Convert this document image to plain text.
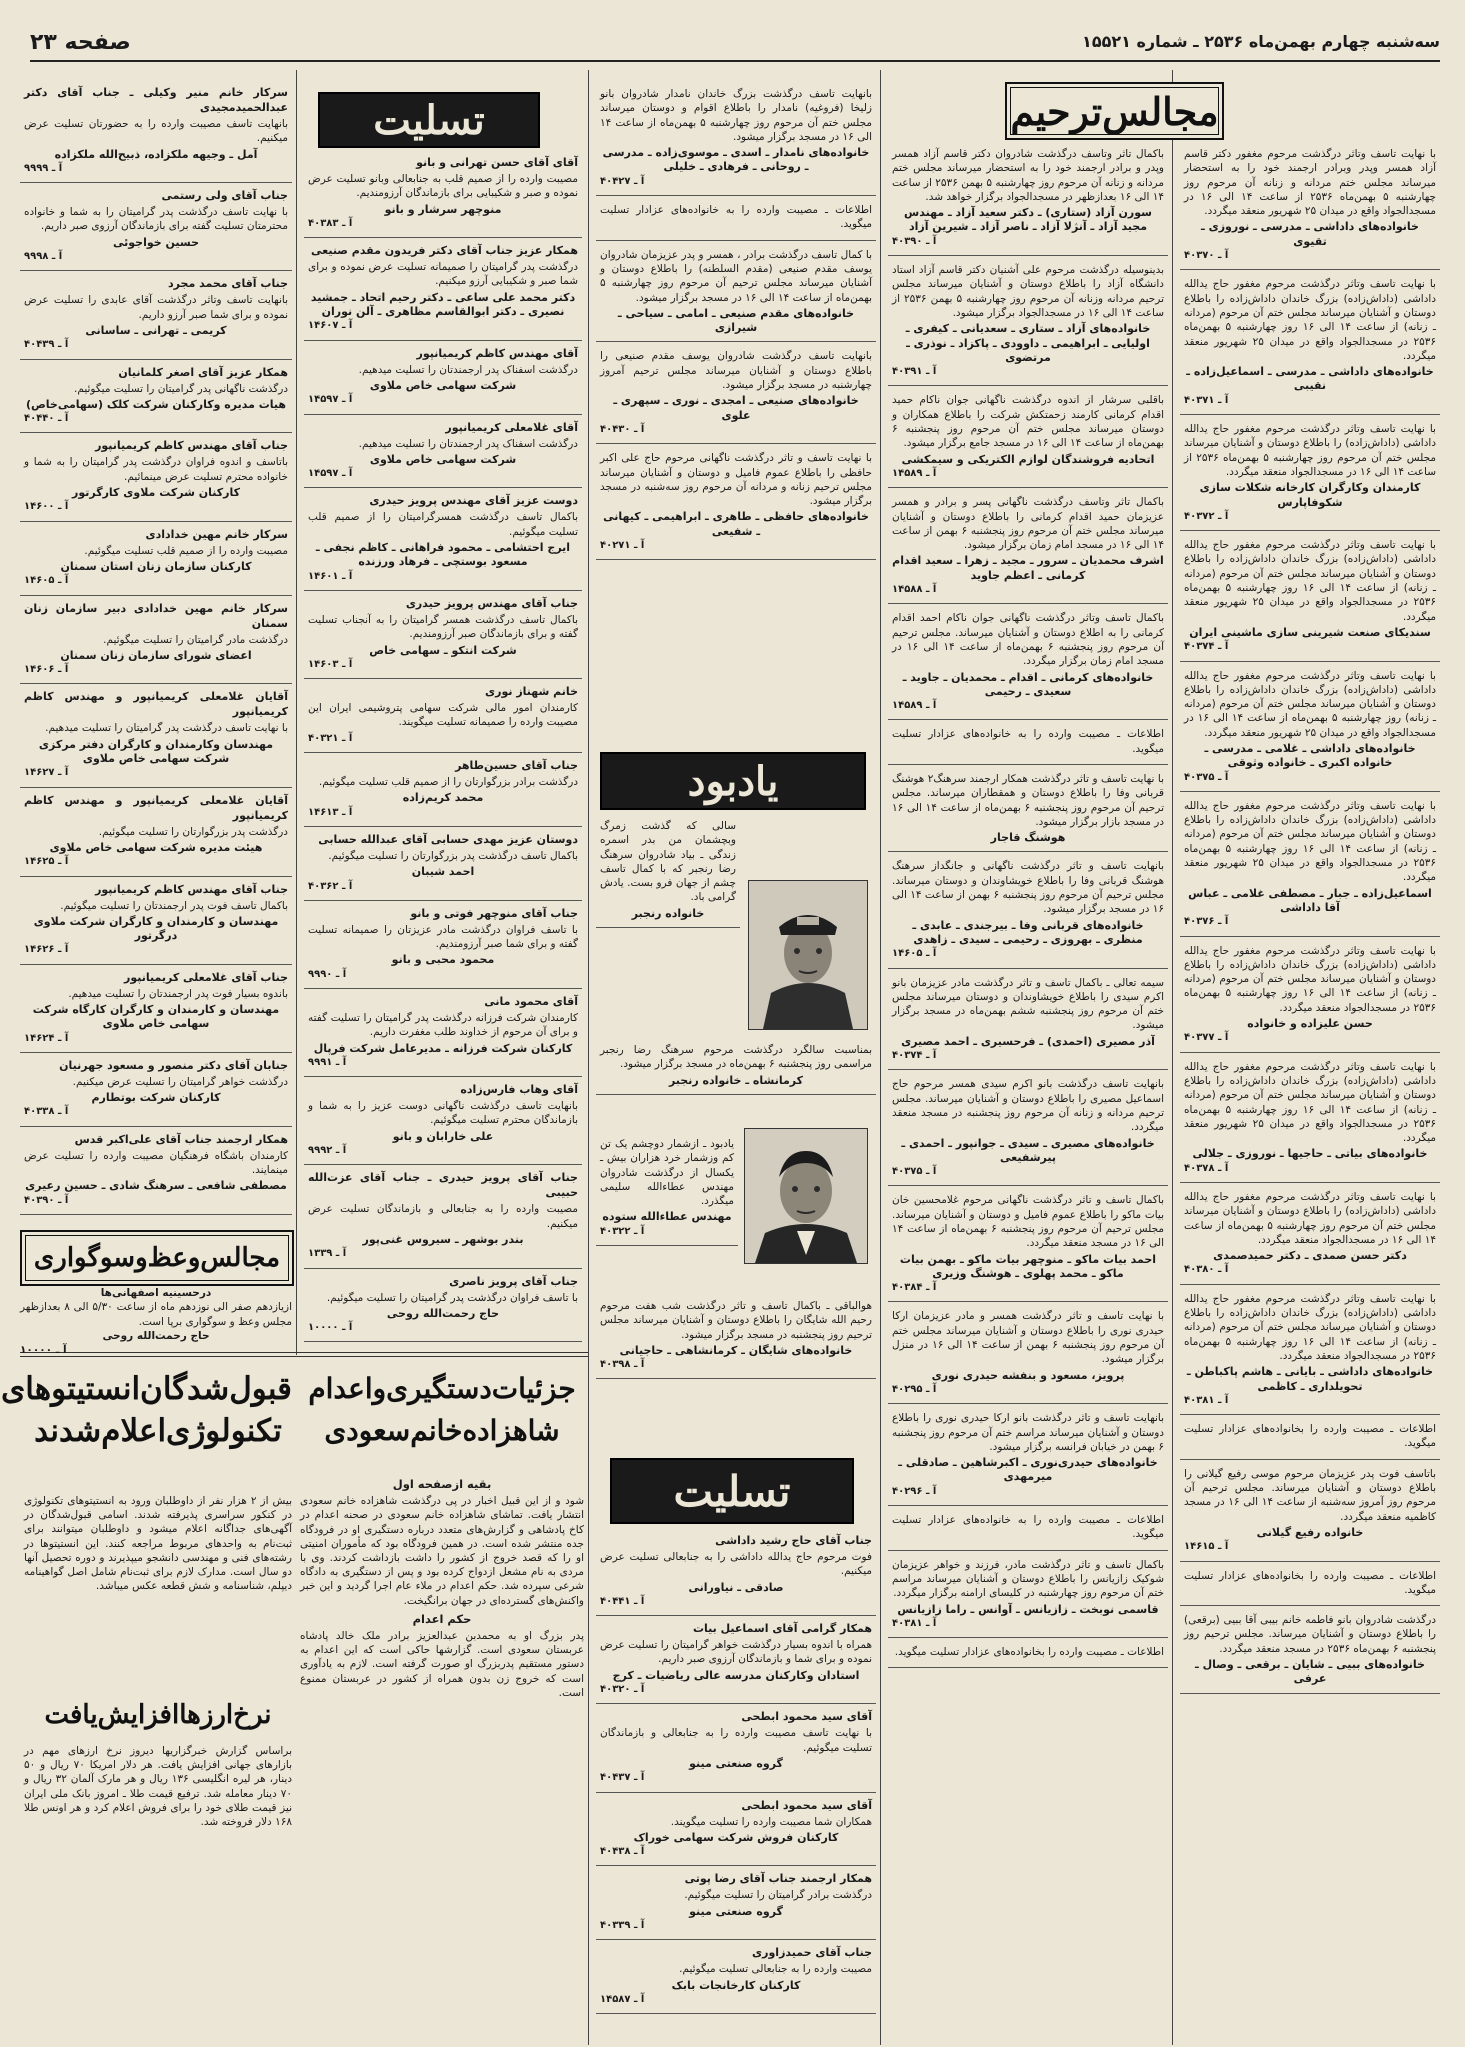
سه‌شنبه چهارم بهمن‌ماه ۲۵۳۶ ـ شماره ۱۵۵۲۱
صفحه ۲۳
مجالس‌ترحیم
تسلیت
یادبود
تسلیت
مجالس‌وعظ‌وسوگواری
با نهایت تاسف وتاثر درگذشت مرحوم مغفور دکتر قاسم آزاد همسر وپدر وبرادر ارجمند خود را به استحضار میرساند مجلس ختم مردانه و زنانه آن مرحوم روز چهارشنبه ۵ بهمن‌ماه ۲۵۳۶ از ساعت ۱۴ الی ۱۶ در مسجدالجواد واقع در میدان ۲۵ شهریور منعقد میگردد.
خانواده‌های داداشی ـ مدرسی ـ نوروزی ـ تقیوی
آ ـ ۴۰۳۷۰
با نهایت تاسف وتاثر درگذشت مرحوم مغفور حاج یدالله داداشی (داداش‌زاده) بزرگ خاندان داداش‌زاده را باطلاع دوستان و آشنایان میرساند مجلس ختم آن مرحوم (مردانه ـ زنانه) از ساعت ۱۴ الی ۱۶ روز چهارشنبه ۵ بهمن‌ماه ۲۵۳۶ در مسجدالجواد واقع در میدان ۲۵ شهریور منعقد میگردد.
خانواده‌های داداشی ـ مدرسی ـ اسماعیل‌زاده ـ نقیبی
آ ـ ۴۰۳۷۱
با نهایت تاسف وتاثر درگذشت مرحوم مغفور حاج یدالله داداشی (داداش‌زاده) را باطلاع دوستان و آشنایان میرساند مجلس ختم آن مرحوم روز چهارشنبه ۵ بهمن‌ماه ۲۵۳۶ از ساعت ۱۴ الی ۱۶ در مسجدالجواد منعقد میگردد.
کارمندان وکارگران کارخانه شکلات سازی شکوفاپارس
آ ـ ۴۰۳۷۲
با نهایت تاسف وتاثر درگذشت مرحوم مغفور حاج یدالله داداشی (داداش‌زاده) بزرگ خاندان داداش‌زاده را باطلاع دوستان و آشنایان میرساند مجلس ختم آن مرحوم (مردانه ـ زنانه) از ساعت ۱۴ الی ۱۶ روز چهارشنبه ۵ بهمن‌ماه ۲۵۳۶ در مسجدالجواد واقع در میدان ۲۵ شهریور منعقد میگردد.
سندیکای صنعت شیرینی سازی ماشینی ایران
آ ـ ۴۰۳۷۴
با نهایت تاسف وتاثر درگذشت مرحوم مغفور حاج یدالله داداشی (داداش‌زاده) بزرگ خاندان داداش‌زاده را باطلاع دوستان و آشنایان میرساند مجلس ختم آن مرحوم (مردانه ـ زنانه) روز چهارشنبه ۵ بهمن‌ماه از ساعت ۱۴ الی ۱۶ در مسجدالجواد واقع در میدان ۲۵ شهریور منعقد میگردد.
خانواده‌های داداشی ـ غلامی ـ مدرسی ـ خانواده اکبری ـ خانواده وثوقی
آ ـ ۴۰۳۷۵
با نهایت تاسف وتاثر درگذشت مرحوم مغفور حاج یدالله داداشی (داداش‌زاده) بزرگ خاندان داداش‌زاده را باطلاع دوستان و آشنایان میرساند مجلس ختم آن مرحوم (مردانه ـ زنانه) از ساعت ۱۴ الی ۱۶ روز چهارشنبه ۵ بهمن‌ماه ۲۵۳۶ در مسجدالجواد واقع در میدان ۲۵ شهریور منعقد میگردد.
اسماعیل‌زاده ـ جبار ـ مصطفی غلامی ـ عباس آقا داداشی
آ ـ ۴۰۳۷۶
با نهایت تاسف وتاثر درگذشت مرحوم مغفور حاج یدالله داداشی (داداش‌زاده) بزرگ خاندان داداش‌زاده را باطلاع دوستان و آشنایان میرساند مجلس ختم آن مرحوم (مردانه ـ زنانه) از ساعت ۱۴ الی ۱۶ روز چهارشنبه ۵ بهمن‌ماه ۲۵۳۶ در مسجدالجواد منعقد میگردد.
حسن علیزاده و خانواده
آ ـ ۴۰۳۷۷
با نهایت تاسف وتاثر درگذشت مرحوم مغفور حاج یدالله داداشی (داداش‌زاده) بزرگ خاندان داداش‌زاده را باطلاع دوستان و آشنایان میرساند مجلس ختم آن مرحوم (مردانه ـ زنانه) از ساعت ۱۴ الی ۱۶ روز چهارشنبه ۵ بهمن‌ماه ۲۵۳۶ در مسجدالجواد واقع در میدان ۲۵ شهریور منعقد میگردد.
خانواده‌های بیاتی ـ حاجیها ـ نوروزی ـ جلالی
آ ـ ۴۰۳۷۸
با نهایت تاسف وتاثر درگذشت مرحوم مغفور حاج یدالله داداشی (داداش‌زاده) را باطلاع دوستان و آشنایان میرساند مجلس ختم آن مرحوم روز چهارشنبه ۵ بهمن‌ماه از ساعت ۱۴ الی ۱۶ در مسجدالجواد منعقد میگردد.
دکتر حسن صمدی ـ دکتر حمیدصمدی
آ ـ ۴۰۳۸۰
با نهایت تاسف وتاثر درگذشت مرحوم مغفور حاج یدالله داداشی (داداش‌زاده) بزرگ خاندان داداش‌زاده را باطلاع دوستان و آشنایان میرساند مجلس ختم آن مرحوم (مردانه ـ زنانه) از ساعت ۱۴ الی ۱۶ روز چهارشنبه ۵ بهمن‌ماه ۲۵۳۶ در مسجدالجواد منعقد میگردد.
خانواده‌های داداشی ـ بایانی ـ هاشم پاکباطن ـ تحویلداری ـ کاظمی
آ ـ ۴۰۳۸۱
اطلاعات ـ مصیبت وارده را بخانواده‌های عزادار تسلیت میگوید.
باتاسف فوت پدر عزیزمان مرحوم موسی رفیع گیلانی را باطلاع دوستان و آشنایان میرساند. مجلس ترحیم آن مرحوم روز آمروز سه‌شنبه از ساعت ۱۴ الی ۱۶ در مسجد کاظمیه منعقد میگردد.
خانواده رفیع گیلانی
آ ـ ۱۴۶۱۵
اطلاعات ـ مصیبت وارده را بخانواده‌های عزادار تسلیت میگوید.
درگذشت شادروان بانو فاطمه خانم بیبی آقا ببیی (برقعی) را باطلاع دوستان و آشنایان میرساند. مجلس ترحیم روز پنجشنبه ۶ بهمن‌ماه ۲۵۳۶ در مسجد منعقد میگردد.
خانواده‌های ببیی ـ شایان ـ برقعی ـ وصال ـ عرفی
باکمال تاثر وتاسف درگذشت شادروان دکتر قاسم آزاد همسر وپدر و برادر ارجمند خود را به استحضار میرساند مجلس ختم مردانه و زنانه آن مرحوم روز چهارشنبه ۵ بهمن ۲۵۳۶ از ساعت ۱۴ الی ۱۶ بعدازظهر در مسجدالجواد برگزار خواهد شد.
سورن آزاد (ستاری) ـ دکتر سعید آزاد ـ مهندس مجید آزاد ـ آنژلا آزاد ـ ناصر آزاد ـ شیرین آزاد
آ ـ ۴۰۳۹۰
بدینوسیله درگذشت مرحوم علی آشنیان دکتر قاسم آزاد استاد دانشگاه آزاد را باطلاع دوستان و آشنایان میرساند مجلس ترحیم مردانه وزنانه آن مرحوم روز چهارشنبه ۵ بهمن ۲۵۳۶ از ساعت ۱۴ الی ۱۶ در مسجدالجواد برگزار میشود.
خانواده‌های آزاد ـ ستاری ـ سعدیانی ـ کیفری ـ اولیایی ـ ابراهیمی ـ داوودی ـ پاکزاد ـ نوذری ـ مرتضوی
آ ـ ۴۰۳۹۱
باقلبی سرشار از اندوه درگذشت ناگهانی جوان ناکام حمید اقدام کرمانی کارمند زحمتکش شرکت را باطلاع همکاران و دوستان میرساند مجلس ختم آن مرحوم روز پنجشنبه ۶ بهمن‌ماه از ساعت ۱۴ الی ۱۶ در مسجد جامع برگزار میشود.
اتحادیه فروشندگان لوازم الکتریکی و سیمکشی
آ ـ ۱۴۵۸۹
باکمال تاثر وتاسف درگذشت ناگهانی پسر و برادر و همسر عزیزمان حمید اقدام کرمانی را باطلاع دوستان و آشنایان میرساند مجلس ختم آن مرحوم روز پنجشنبه ۶ بهمن از ساعت ۱۴ الی ۱۶ در مسجد امام زمان برگزار میشود.
اشرف محمدیان ـ سرور ـ مجید ـ زهرا ـ سعید اقدام کرمانی ـ اعظم جاوید
آ ـ ۱۴۵۸۸
باکمال تاسف وتاثر درگذشت ناگهانی جوان ناکام احمد اقدام کرمانی را به اطلاع دوستان و آشنایان میرساند. مجلس ترحیم آن مرحوم روز پنجشنبه ۶ بهمن‌ماه از ساعت ۱۴ الی ۱۶ در مسجد امام زمان برگزار میگردد.
خانواده‌های کرمانی ـ اقدام ـ محمدیان ـ جاوید ـ سعیدی ـ رحیمی
آ ـ ۱۴۵۸۹
اطلاعات ـ مصیبت وارده را به خانواده‌های عزادار تسلیت میگوید.
با نهایت تاسف و تاثر درگذشت همکار ارجمند سرهنگ۲ هوشنگ قربانی وفا را باطلاع دوستان و همقطاران میرساند. مجلس ترحیم آن مرحوم روز پنجشنبه ۶ بهمن‌ماه از ساعت ۱۴ الی ۱۶ در مسجد بازار برگزار میشود.
هوشنگ قاجار
بانهایت تاسف و تاثر درگذشت ناگهانی و جانگداز سرهنگ هوشنگ قربانی وفا را باطلاع خویشاوندان و دوستان میرساند. مجلس ترحیم آن مرحوم روز پنجشنبه ۶ بهمن از ساعت ۱۴ الی ۱۶ در مسجد برگزار میشود.
خانواده‌های قربانی وفا ـ بیرجندی ـ عابدی ـ منظری ـ بهروزی ـ رحیمی ـ سیدی ـ زاهدی
آ ـ ۱۴۶۰۵
سیمه تعالی ـ باکمال تاسف و تاثر درگذشت مادر عزیزمان بانو اکرم سیدی را باطلاع خویشاوندان و دوستان میرساند مجلس ختم آن مرحوم روز پنجشنبه ششم بهمن‌ماه در مسجد برگزار میشود.
آذر مصیری (احمدی) ـ فرحسیری ـ احمد مصیری
آ ـ ۴۰۳۷۴
بانهایت تاسف درگذشت بانو اکرم سیدی همسر مرحوم حاج اسماعیل مصیری را باطلاع دوستان و آشنایان میرساند. مجلس ترحیم مردانه و زنانه آن مرحوم روز پنجشنبه در مسجد منعقد میگردد.
خانواده‌های مصیری ـ سیدی ـ جوانپور ـ احمدی ـ پیرشفیعی
آ ـ ۴۰۳۷۵
باکمال تاسف و تاثر درگذشت ناگهانی مرحوم غلامحسین خان بیات ماکو را باطلاع عموم فامیل و دوستان و آشنایان میرساند. مجلس ترحیم آن مرحوم روز پنجشنبه ۶ بهمن‌ماه از ساعت ۱۴ الی ۱۶ در مسجد منعقد میگردد.
احمد بیات ماکو ـ منوچهر بیات ماکو ـ بهمن بیات ماکو ـ محمد پهلوی ـ هوشنگ وزیری
آ ـ ۴۰۳۸۴
با نهایت تاسف و تاثر درگذشت همسر و مادر عزیزمان ارکا حیدری نوری را باطلاع دوستان و آشنایان میرساند مجلس ختم آن مرحوم روز پنجشنبه ۶ بهمن از ساعت ۱۴ الی ۱۶ در منزل برگزار میشود.
پرویز، مسعود و بنفشه حیدری نوری
آ ـ ۴۰۲۹۵
بانهایت تاسف و تاثر درگذشت بانو ارکا حیدری نوری را باطلاع دوستان و آشنایان میرساند مراسم ختم آن مرحوم روز پنجشنبه ۶ بهمن در خیابان فرانسه برگزار میشود.
خانواده‌های حیدری‌نوری ـ اکبرشاهین ـ صادقلی ـ میرمهدی
آ ـ ۴۰۲۹۶
اطلاعات ـ مصیبت وارده را به خانواده‌های عزادار تسلیت میگوید.
باکمال تاسف و تاثر درگذشت مادر، فرزند و خواهر عزیزمان شوکیک زازیانس را باطلاع دوستان و آشنایان میرساند مراسم ختم آن مرحوم روز چهارشنبه در کلیسای ارامنه برگزار میگردد.
قاسمی نوبخت ـ زازیانس ـ آوانس ـ راما زازیانس
آ ـ ۴۰۳۸۱
اطلاعات ـ مصیبت وارده را بخانواده‌های عزادار تسلیت میگوید.
بانهایت تاسف درگذشت بزرگ خاندان نامدار شادروان بانو زلیخا (فروغیه) نامدار را باطلاع اقوام و دوستان میرساند مجلس ختم آن مرحوم روز چهارشنبه ۵ بهمن‌ماه از ساعت ۱۴ الی ۱۶ در مسجد برگزار میشود.
خانواده‌های نامدار ـ اسدی ـ موسوی‌زاده ـ مدرسی ـ روحانی ـ فرهادی ـ خلیلی
آ ـ ۴۰۴۲۷
اطلاعات ـ مصیبت وارده را به خانواده‌های عزادار تسلیت میگوید.
با کمال تاسف درگذشت برادر ، همسر و پدر عزیزمان شادروان یوسف مقدم صنیعی (مقدم السلطنه) را باطلاع دوستان و آشنایان میرساند مجلس ترحیم آن مرحوم روز چهارشنبه ۵ بهمن‌ماه از ساعت ۱۴ الی ۱۶ در مسجد برگزار میشود.
خانواده‌های مقدم صنیعی ـ امامی ـ سیاحی ـ شیرازی
بانهایت تاسف درگذشت شادروان یوسف مقدم صنیعی را باطلاع دوستان و آشنایان میرساند مجلس ترحیم آمروز چهارشنبه در مسجد برگزار میشود.
خانواده‌های صنیعی ـ امجدی ـ نوری ـ سپهری ـ علوی
آ ـ ۴۰۴۳۰
با نهایت تاسف و تاثر درگذشت ناگهانی مرحوم حاج علی اکبر حافظی را باطلاع عموم فامیل و دوستان و آشنایان میرساند مجلس ترحیم زنانه و مردانه آن مرحوم روز سه‌شنبه در مسجد برگزار میشود.
خانواده‌های حافظی ـ طاهری ـ ابراهیمی ـ کیهانی ـ شفیعی
آ ـ ۴۰۲۷۱
سالی که گذشت زمرگ وبچشمان من بدر اسمره زندگی ـ بیاد شادروان سرهنگ رضا رنجبر که با کمال تاسف چشم از جهان فرو بست. یادش گرامی باد.
خانواده رنجبر
بمناسبت سالگرد درگذشت مرحوم سرهنگ رضا رنجبر مراسمی روز پنجشنبه ۶ بهمن‌ماه در مسجد برگزار میشود.
کرمانشاه ـ خانواده رنجبر
یادبود ـ ازشمار دوچشم یک تن کم وزشمار خرد هزاران بیش ـ یکسال از درگذشت شادروان مهندس عطاءالله سلیمی میگذرد.
مهندس عطاءالله ستوده
آ ـ ۴۰۳۲۲
هوالباقی ـ باکمال تاسف و تاثر درگذشت شب هفت مرحوم رحیم الله شایگان را باطلاع دوستان و آشنایان میرساند مجلس ترحیم روز پنجشنبه در مسجد برگزار میشود.
خانواده‌های شایگان ـ کرمانشاهی ـ حاجیانی
آ ـ ۴۰۳۹۸
جناب آقای حاج رشید داداشی
فوت مرحوم حاج یدالله داداشی را به جنابعالی تسلیت عرض میکنیم.
صادقی ـ نیاورانی
آ ـ ۴۰۴۴۱
همکار گرامی آقای اسماعیل بیات
همراه با اندوه بسیار درگذشت خواهر گرامیتان را تسلیت عرض نموده و برای شما و بازماندگان آرزوی صبر داریم.
استادان وکارکنان مدرسه عالی ریاضیات ـ کرج
آ ـ ۴۰۳۲۰
آقای سید محمود ابطحی
با نهایت تاسف مصیبت وارده را به جنابعالی و بازماندگان تسلیت میگوئیم.
گروه صنعتی مینو
آ ـ ۴۰۴۳۷
آقای سید محمود ابطحی
همکاران شما مصیبت وارده را تسلیت میگویند.
کارکنان فروش شرکت سهامی خوراک
آ ـ ۴۰۴۳۸
همکار ارجمند جناب آقای رضا پوتی
درگذشت برادر گرامیتان را تسلیت میگوئیم.
گروه صنعتی مینو
آ ـ ۴۰۳۳۹
جناب آقای حمیدزاوری
مصیبت وارده را به جنابعالی تسلیت میگوئیم.
کارکنان کارخانجات بابک
آ ـ ۱۴۵۸۷
آقای آقای حسن تهرانی و بانو
مصیبت وارده را از صمیم قلب به جنابعالی وبانو تسلیت عرض نموده و صبر و شکیبایی برای بازماندگان آرزومندیم.
منوچهر سرشار و بانو
آ ـ ۴۰۳۸۳
همکار عزیز جناب آقای دکتر فریدون مقدم صنیعی
درگذشت پدر گرامیتان را صمیمانه تسلیت عرض نموده و برای شما صبر و شکیبایی آرزو میکنیم.
دکتر محمد علی ساعی ـ دکتر رحیم اتحاد ـ جمشید نصیری ـ دکتر ابوالقاسم مظاهری ـ آلن نوران
آ ـ ۱۴۶۰۷
آقای مهندس کاظم کریمیانپور
درگذشت اسفناک پدر ارجمندتان را تسلیت میدهیم.
شرکت سهامی خاص ملاوی
آ ـ ۱۴۵۹۷
آقای غلامعلی کریمیانپور
درگذشت اسفناک پدر ارجمندتان را تسلیت میدهیم.
شرکت سهامی خاص ملاوی
آ ـ ۱۴۵۹۷
دوست عزیز آقای مهندس پرویز حیدری
باکمال تاسف درگذشت همسرگرامیتان را از صمیم قلب تسلیت میگوئیم.
ایرج احتشامی ـ محمود فراهانی ـ کاظم نجفی ـ مسعود بوستچی ـ فرهاد ورزنده
آ ـ ۱۴۶۰۱
جناب آقای مهندس پرویز حیدری
باکمال تاسف درگذشت همسر گرامیتان را به آنجناب تسلیت گفته و برای بازماندگان صبر آرزومندیم.
شرکت انتکو ـ سهامی خاص
آ ـ ۱۴۶۰۳
خانم شهناز نوری
کارمندان امور مالی شرکت سهامی پتروشیمی ایران این مصیبت وارده را صمیمانه تسلیت میگویند.
آ ـ ۴۰۳۲۱
جناب آقای حسین‌طاهر
درگذشت برادر بزرگوارتان را از صمیم قلب تسلیت میگوئیم.
محمد کریم‌زاده
آ ـ ۱۴۶۱۳
دوستان عزیز مهدی حسابی آقای عبدالله حسابی
باکمال تاسف درگذشت پدر بزرگوارتان را تسلیت میگوئیم.
احمد شیبان
آ ـ ۴۰۳۶۲
جناب آقای منوچهر فوتی و بانو
با تاسف فراوان درگذشت مادر عزیزتان را صمیمانه تسلیت گفته و برای شما صبر آرزومندیم.
محمود محبی و بانو
آ ـ ۹۹۹۰
آقای محمود مانی
کارمندان شرکت فرزانه درگذشت پدر گرامیتان را تسلیت گفته و برای آن مرحوم از خداوند طلب مغفرت داریم.
کارکنان شرکت فرزانه ـ مدیرعامل شرکت فرپال
آ ـ ۹۹۹۱
آقای وهاب فارس‌زاده
بانهایت تاسف درگذشت ناگهانی دوست عزیز را به شما و بازماندگان محترم تسلیت میگوئیم.
علی خارابان و بانو
آ ـ ۹۹۹۲
جناب آقای پرویز حیدری ـ جناب آقای عزت‌الله حبیبی
مصیبت وارده را به جنابعالی و بازماندگان تسلیت عرض میکنیم.
بندر بوشهر ـ سیروس غنی‌پور
آ ـ ۱۳۳۹
جناب آقای پرویز ناصری
با تاسف فراوان درگذشت پدر گرامیتان را تسلیت میگوئیم.
حاج رحمت‌الله روحی
آ ـ ۱۰۰۰۰
سرکار خانم منیر وکیلی ـ جناب آقای دکتر عبدالحمیدمجیدی
بانهایت تاسف مصیبت وارده را به حضورتان تسلیت عرض میکنیم.
آمل ـ وجیهه ملکزاده، ذبیح‌الله ملکزاده
آ ـ ۹۹۹۹
جناب آقای ولی رستمی
با نهایت تاسف درگذشت پدر گرامیتان را به شما و خانواده محترمتان تسلیت گفته برای بازماندگان آرزوی صبر داریم.
حسین خواجوئی
آ ـ ۹۹۹۸
جناب آقای محمد مجرد
بانهایت تاسف وتاثر درگذشت آقای عابدی را تسلیت عرض نموده و برای شما صبر آرزو داریم.
کریمی ـ تهرانی ـ ساسانی
آ ـ ۴۰۴۳۹
همکار عزیز آقای اصغر کلمانیان
درگذشت ناگهانی پدر گرامیتان را تسلیت میگوئیم.
هیات مدیره وکارکنان شرکت کلک (سهامی‌خاص)
آ ـ ۴۰۴۴۰
جناب آقای مهندس کاظم کریمیانپور
باتاسف و اندوه فراوان درگذشت پدر گرامیتان را به شما و خانواده محترم تسلیت عرض مینمائیم.
کارکنان شرکت ملاوی کارگرتور
آ ـ ۱۴۶۰۰
سرکار خانم مهین خدادادی
مصیبت وارده را از صمیم قلب تسلیت میگوئیم.
کارکنان سازمان زنان استان سمنان
آ ـ ۱۴۶۰۵
سرکار خانم مهین خدادادی دبیر سازمان زنان سمنان
درگذشت مادر گرامیتان را تسلیت میگوئیم.
اعضای شورای سازمان زنان سمنان
آ ـ ۱۴۶۰۶
آقایان غلامعلی کریمیانپور و مهندس کاظم کریمیانپور
با نهایت تاسف درگذشت پدر گرامیتان را تسلیت میدهیم.
مهندسان وکارمندان و کارگران دفتر مرکزی شرکت سهامی خاص ملاوی
آ ـ ۱۴۶۲۷
آقایان غلامعلی کریمیانپور و مهندس کاظم کریمیانپور
درگذشت پدر بزرگوارتان را تسلیت میگوئیم.
هیئت مدیره شرکت سهامی خاص ملاوی
آ ـ ۱۴۶۲۵
جناب آقای مهندس کاظم کریمیانپور
باکمال تاسف فوت پدر ارجمندتان را تسلیت میگوئیم.
مهندسان و کارمندان و کارگران شرکت ملاوی درگرتور
آ ـ ۱۴۶۲۶
جناب آقای غلامعلی کریمیانپور
باندوه بسیار فوت پدر ارجمندتان را تسلیت میدهیم.
مهندسان و کارمندان و کارگران کارگاه شرکت سهامی خاص ملاوی
آ ـ ۱۴۶۲۴
جنابان آقای دکتر منصور و مسعود جهرنیان
درگذشت خواهر گرامیتان را تسلیت عرض میکنیم.
کارکنان شرکت بوتطارم
آ ـ ۴۰۳۳۸
همکار ارجمند جناب آقای علی‌اکبر قدس
کارمندان باشگاه فرهنگیان مصیبت وارده را تسلیت عرض مینمایند.
مصطفی شافعی ـ سرهنگ شادی ـ حسین رعیری
آ ـ ۴۰۳۹۰
درحسینیه اصفهانی‌ها
ازیازدهم صفر الی نوزدهم ماه از ساعت ۵/۳۰ الی ۸ بعدازظهر مجلس وعظ و سوگواری برپا است.
حاج رحمت‌الله روحی
آ ـ ۱۰۰۰۰
قبول‌شدگان‌انستیتوهای تکنولوژی‌اعلام‌شدند

بیش از ۲ هزار نفر از داوطلبان ورود به انستیتوهای تکنولوژی در کنکور سراسری پذیرفته شدند. اسامی قبول‌شدگان در آگهی‌های جداگانه اعلام میشود و داوطلبان میتوانند برای ثبت‌نام به واحدهای مربوط مراجعه کنند. این انستیتوها در رشته‌های فنی و مهندسی دانشجو میپذیرند و دوره تحصیل آنها دو سال است. مدارک لازم برای ثبت‌نام شامل اصل گواهینامه دیپلم، شناسنامه و شش قطعه عکس میباشد.

نرخ‌ارزهاافزایش‌یافت

براساس گزارش خبرگزاریها دیروز نرخ ارزهای مهم در بازارهای جهانی افزایش یافت. هر دلار امریکا ۷۰ ریال و ۵۰ دینار، هر لیره انگلیسی ۱۳۶ ریال و هر مارک آلمان ۳۲ ریال و ۷۰ دینار معامله شد. ترفیع قیمت طلا ـ امروز بانک ملی ایران نیز قیمت طلای خود را برای فروش اعلام کرد و هر اونس طلا ۱۶۸ دلار فروخته شد.

جزئیات‌دستگیری‌واعدام شاهزاده‌خانم‌سعودی
بقیه ازصفحه اول

شود و از این قبیل اخبار در پی درگذشت شاهزاده خانم سعودی انتشار یافت. تماشای شاهزاده خانم سعودی در صحنه اعدام در کاخ پادشاهی و گزارش‌های متعدد درباره دستگیری او در فرودگاه جده منتشر شده است. در همین فرودگاه بود که مأموران امنیتی او را که قصد خروج از کشور را داشت بازداشت کردند. وی با مردی به نام مشعل ازدواج کرده بود و پس از دستگیری به دادگاه شرعی سپرده شد. حکم اعدام در ملاء عام اجرا گردید و این خبر واکنش‌های گسترده‌ای در جهان برانگیخت.

حکم اعدام

پدر بزرگ او به محمدبن عبدالعزیز برادر ملک خالد پادشاه عربستان سعودی است. گزارشها حاکی است که این اعدام به دستور مستقیم پدربزرگ او صورت گرفته است. لازم به یادآوری است که خروج زن بدون همراه از کشور در عربستان ممنوع است.
